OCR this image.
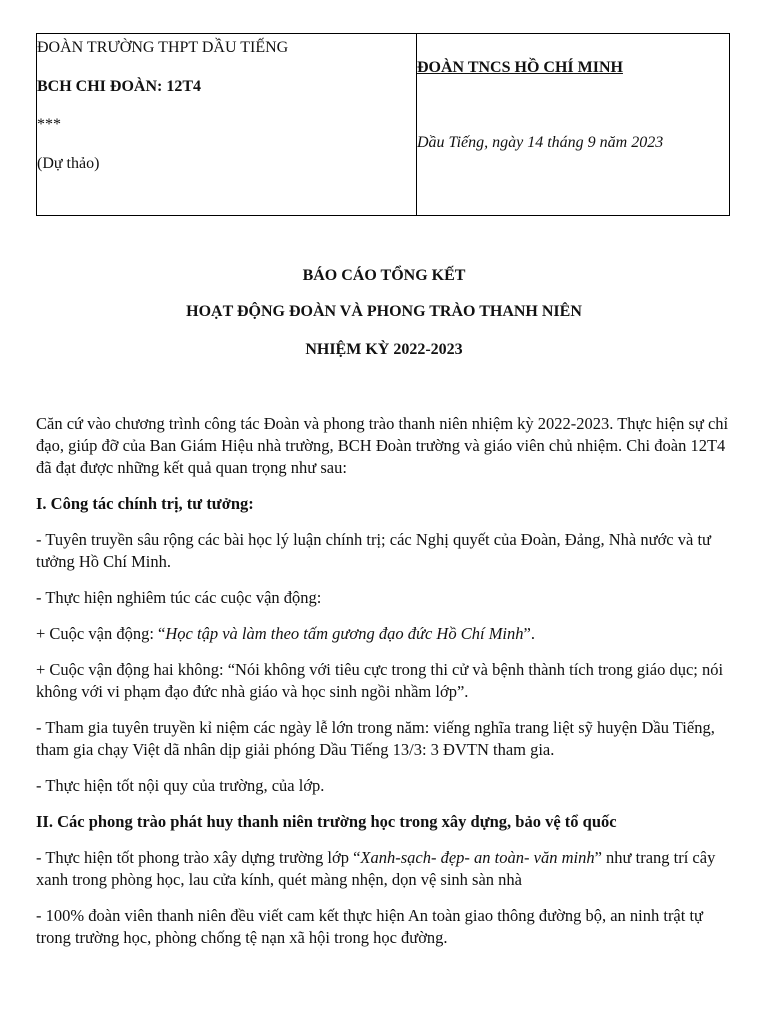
ĐOÀN TRƯỜNG THPT DẦU TIẾNG
BCH CHI ĐOÀN: 12T4
***
(Dự thảo)
ĐOÀN TNCS HỒ CHÍ MINH
Dầu Tiếng, ngày 14 tháng 9 năm 2023
BÁO CÁO TỔNG KẾT
HOẠT ĐỘNG ĐOÀN VÀ PHONG TRÀO THANH NIÊN
NHIỆM KỲ 2022-2023

Căn cứ vào chương trình công tác Đoàn và phong trào thanh niên nhiệm kỳ 2022-2023. Thực hiện sự chỉ đạo, giúp đỡ của Ban Giám Hiệu nhà trường, BCH Đoàn trường và giáo viên chủ nhiệm. Chi đoàn 12T4 đã đạt được những kết quả quan trọng như sau:

I. Công tác chính trị, tư tưởng:

- Tuyên truyền sâu rộng các bài học lý luận chính trị; các Nghị quyết của Đoàn, Đảng, Nhà nước và tư tưởng Hồ Chí Minh.

- Thực hiện nghiêm túc các cuộc vận động:

+ Cuộc vận động: “Học tập và làm theo tấm gương đạo đức Hồ Chí Minh”.

+ Cuộc vận động hai không: “Nói không với tiêu cực trong thi cử và bệnh thành tích trong giáo dục; nói không với vi phạm đạo đức nhà giáo và học sinh ngồi nhầm lớp”.

- Tham gia tuyên truyền kỉ niệm các ngày lễ lớn trong năm: viếng nghĩa trang liệt sỹ huyện Dầu Tiếng, tham gia chạy Việt dã nhân dịp giải phóng Dầu Tiếng 13/3: 3 ĐVTN tham gia.

- Thực hiện tốt nội quy của trường, của lớp.

II. Các phong trào phát huy thanh niên trường học trong xây dựng, bảo vệ tổ quốc

- Thực hiện tốt phong trào xây dựng trường lớp “Xanh-sạch- đẹp- an toàn- văn minh” như trang trí cây xanh trong phòng học, lau cửa kính, quét màng nhện, dọn vệ sinh sàn nhà

- 100% đoàn viên thanh niên đều viết cam kết thực hiện An toàn giao thông đường bộ, an ninh trật tự trong trường học, phòng chống tệ nạn xã hội trong học đường.
